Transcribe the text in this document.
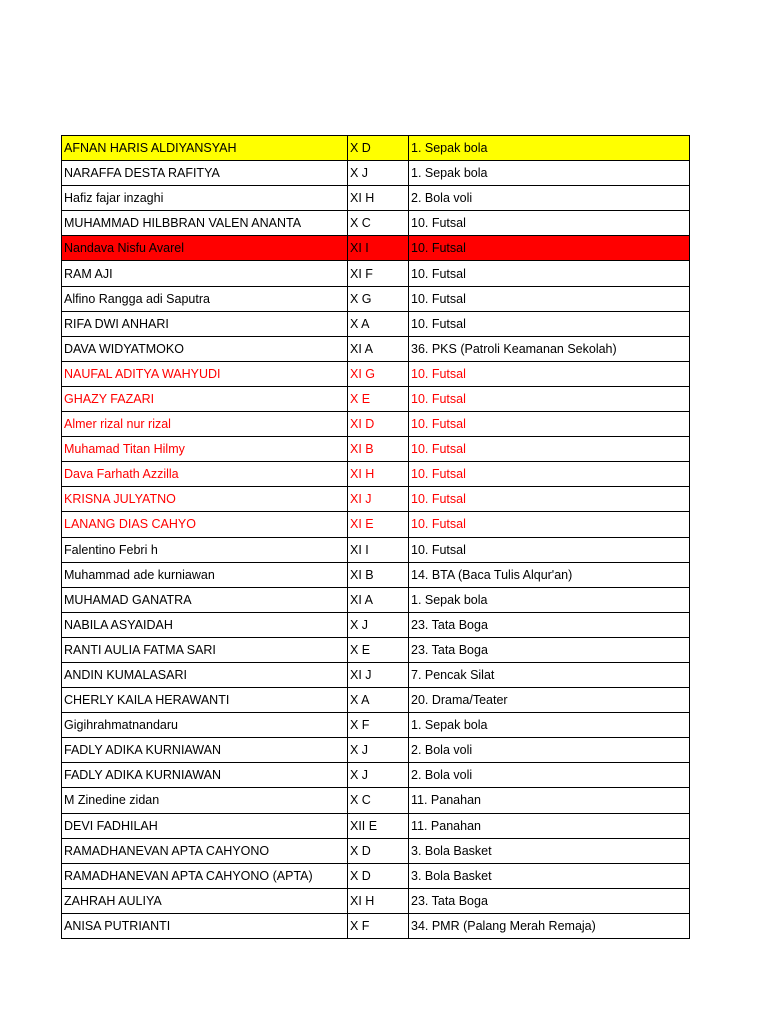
AFNAN HARIS ALDIYANSYAH	X D	1. Sepak bola
NARAFFA DESTA RAFITYA	X J	1. Sepak bola
Hafiz fajar inzaghi	XI H	2. Bola voli
MUHAMMAD HILBBRAN VALEN ANANTA	X C	10. Futsal
Nandava Nisfu Avarel	XI I	10. Futsal
RAM AJI	XI F	10. Futsal
Alfino Rangga adi Saputra	X G	10. Futsal
RIFA DWI ANHARI	X A	10. Futsal
DAVA WIDYATMOKO	XI A	36. PKS (Patroli Keamanan Sekolah)
NAUFAL ADITYA WAHYUDI	XI G	10. Futsal
GHAZY FAZARI	X E	10. Futsal
Almer rizal nur rizal	XI D	10. Futsal
Muhamad Titan Hilmy	XI B	10. Futsal
Dava Farhath Azzilla	XI H	10. Futsal
KRISNA JULYATNO	XI J	10. Futsal
LANANG DIAS CAHYO	XI E	10. Futsal
Falentino Febri h	XI I	10. Futsal
Muhammad ade kurniawan	XI B	14. BTA (Baca Tulis Alqur'an)
MUHAMAD GANATRA	XI A	1. Sepak bola
NABILA ASYAIDAH	X J	23. Tata Boga
RANTI AULIA FATMA SARI	X E	23. Tata Boga
ANDIN KUMALASARI	XI J	7. Pencak Silat
CHERLY KAILA HERAWANTI	X A	20. Drama/Teater
Gigihrahmatnandaru	X F	1. Sepak bola
FADLY ADIKA KURNIAWAN	X J	2. Bola voli
FADLY ADIKA KURNIAWAN	X J	2. Bola voli
M Zinedine zidan	X C	11. Panahan
DEVI FADHILAH	XII E	11. Panahan
RAMADHANEVAN APTA CAHYONO	X D	3. Bola Basket
RAMADHANEVAN APTA CAHYONO (APTA)	X D	3. Bola Basket
ZAHRAH AULIYA	XI H	23. Tata Boga
ANISA PUTRIANTI	X F	34. PMR (Palang Merah Remaja)
